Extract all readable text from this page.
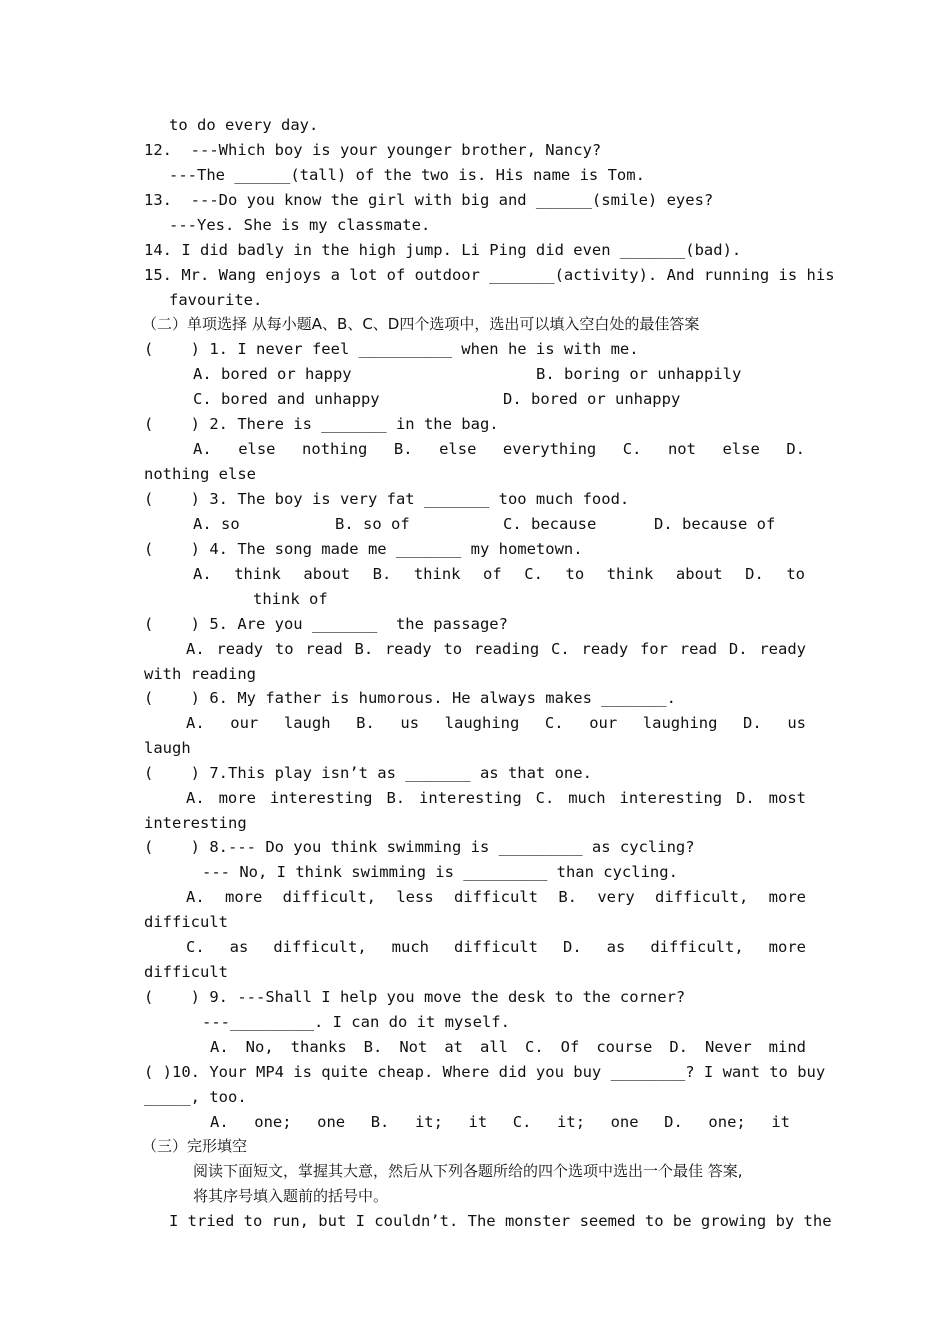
to do every day.
12.  ---Which boy is your younger brother, Nancy?
---The ______(tall) of the two is. His name is Tom.
13.  ---Do you know the girl with big and ______(smile) eyes?
---Yes. She is my classmate.
14. I did badly in the high jump. Li Ping did even _______(bad).
15. Mr. Wang enjoys a lot of outdoor _______(activity). And running is his
favourite.
（二）单项选择 从每小题A、B、C、D四个选项中，选出可以填入空白处的最佳答案
(    ) 1. I never feel __________ when he is with me.
A. bored or happy	B. boring or unhappily
C. bored and unhappy	D. bored or unhappy
(    ) 2. There is _______ in the bag.
A. else nothing B. else everything C. not else D.
nothing else
(    ) 3. The boy is very fat _______ too much food.
A. so	B. so of	C. because	D. because of
(    ) 4. The song made me _______ my hometown.
A. think about B. think of C. to think about D. to
think of
(    ) 5. Are you _______  the passage?
A. ready to read B. ready to reading C. ready for read D. ready
with reading
(    ) 6. My father is humorous. He always makes _______.
A. our laugh B. us laughing C. our laughing D. us
laugh
(    ) 7.This play isn’t as _______ as that one.
A. more interesting B. interesting C. much interesting D. most
interesting
(    ) 8.--- Do you think swimming is _________ as cycling?
--- No, I think swimming is _________ than cycling.
A. more difficult, less difficult B. very difficult, more
difficult
C. as difficult, much difficult D. as difficult, more
difficult
(    ) 9. ---Shall I help you move the desk to the corner?
---_________. I can do it myself.
A. No, thanks B. Not at all C. Of course D. Never mind
( )10. Your MP4 is quite cheap. Where did you buy ________? I want to buy
_____, too.
A. one; one B. it; it C. it; one D. one; it
（三）完形填空
阅读下面短文，掌握其大意，然后从下列各题所给的四个选项中选出一个最佳 答案,
将其序号填入题前的括号中。
I tried to run, but I couldn’t. The monster seemed to be growing by the
